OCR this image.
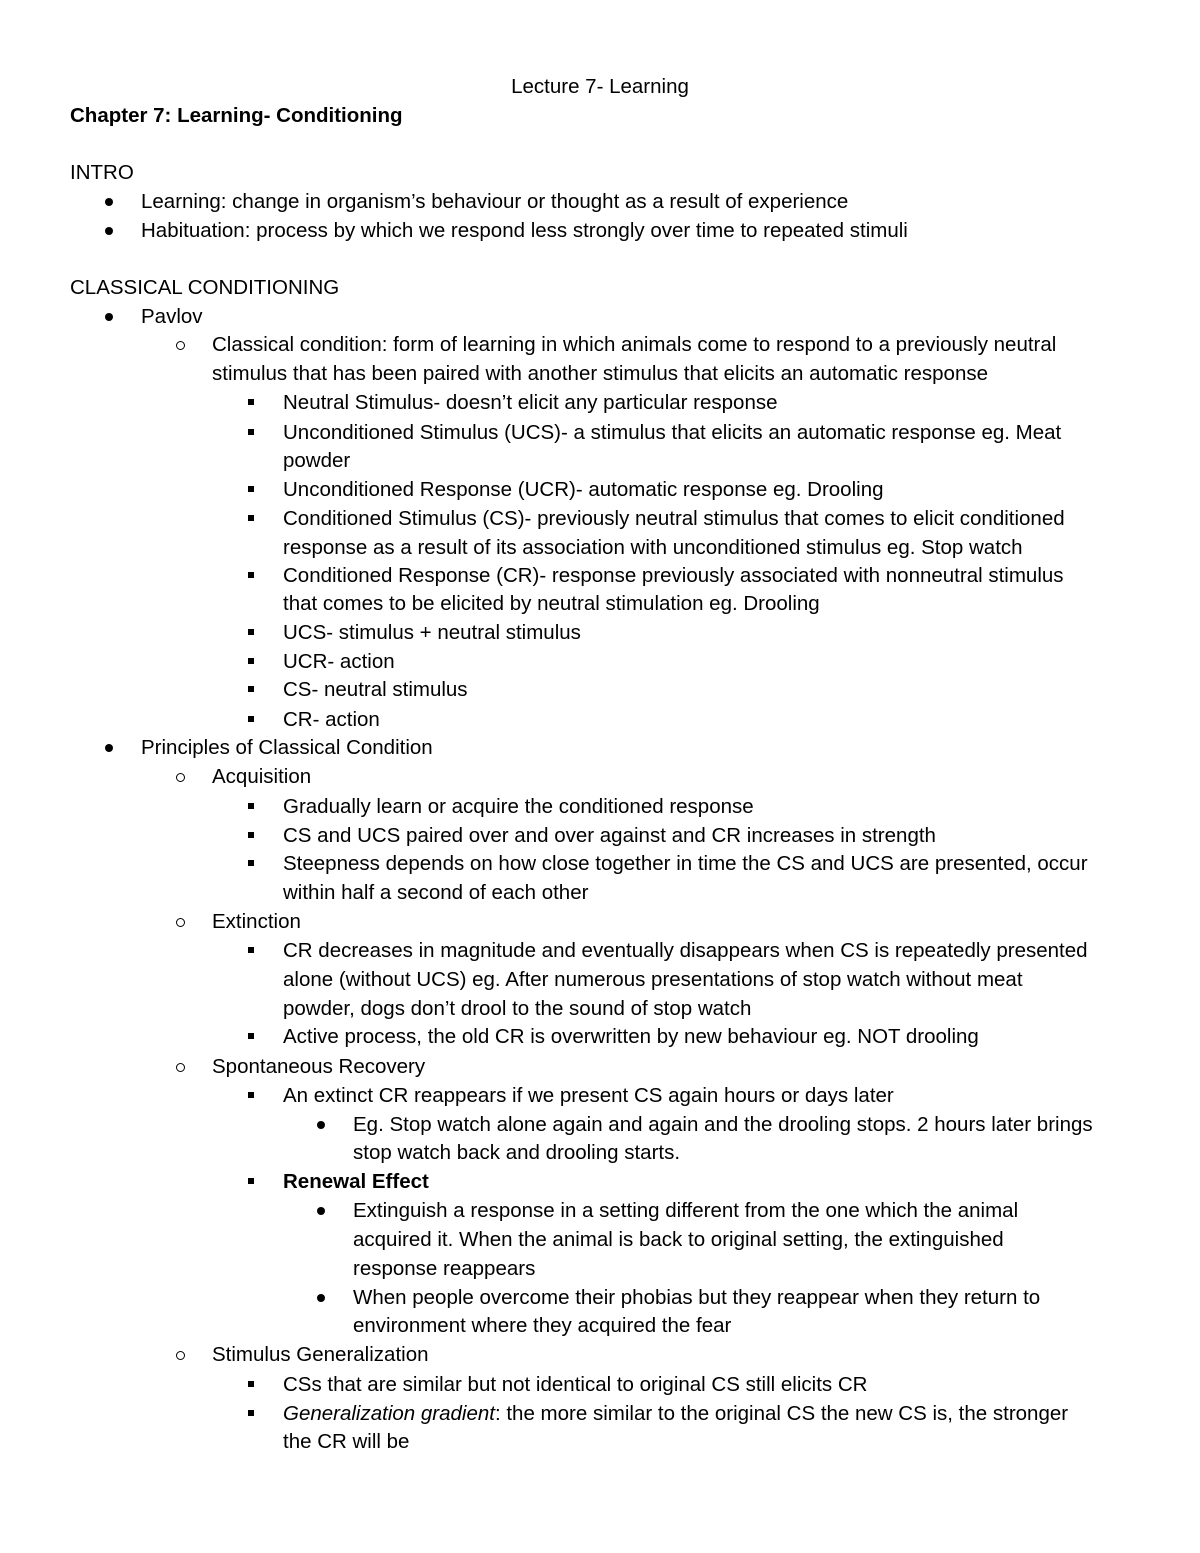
Lecture 7- Learning
Chapter 7: Learning- Conditioning
INTRO
Learning: change in organism’s behaviour or thought as a result of experience
Habituation: process by which we respond less strongly over time to repeated stimuli
CLASSICAL CONDITIONING
Pavlov
Classical condition: form of learning in which animals come to respond to a previously neutral
stimulus that has been paired with another stimulus that elicits an automatic response
Neutral Stimulus- doesn’t elicit any particular response
Unconditioned Stimulus (UCS)- a stimulus that elicits an automatic response eg. Meat
powder
Unconditioned Response (UCR)- automatic response eg. Drooling
Conditioned Stimulus (CS)- previously neutral stimulus that comes to elicit conditioned
response as a result of its association with unconditioned stimulus eg. Stop watch
Conditioned Response (CR)- response previously associated with nonneutral stimulus
that comes to be elicited by neutral stimulation eg. Drooling
UCS- stimulus + neutral stimulus
UCR- action
CS- neutral stimulus
CR- action
Principles of Classical Condition
Acquisition
Gradually learn or acquire the conditioned response
CS and UCS paired over and over against and CR increases in strength
Steepness depends on how close together in time the CS and UCS are presented, occur
within half a second of each other
Extinction
CR decreases in magnitude and eventually disappears when CS is repeatedly presented
alone (without UCS) eg. After numerous presentations of stop watch without meat
powder, dogs don’t drool to the sound of stop watch
Active process, the old CR is overwritten by new behaviour eg. NOT drooling
Spontaneous Recovery
An extinct CR reappears if we present CS again hours or days later
Eg. Stop watch alone again and again and the drooling stops. 2 hours later brings
stop watch back and drooling starts.
Renewal Effect
Extinguish a response in a setting different from the one which the animal
acquired it. When the animal is back to original setting, the extinguished
response reappears
When people overcome their phobias but they reappear when they return to
environment where they acquired the fear
Stimulus Generalization
CSs that are similar but not identical to original CS still elicits CR
Generalization gradient: the more similar to the original CS the new CS is, the stronger
the CR will be
